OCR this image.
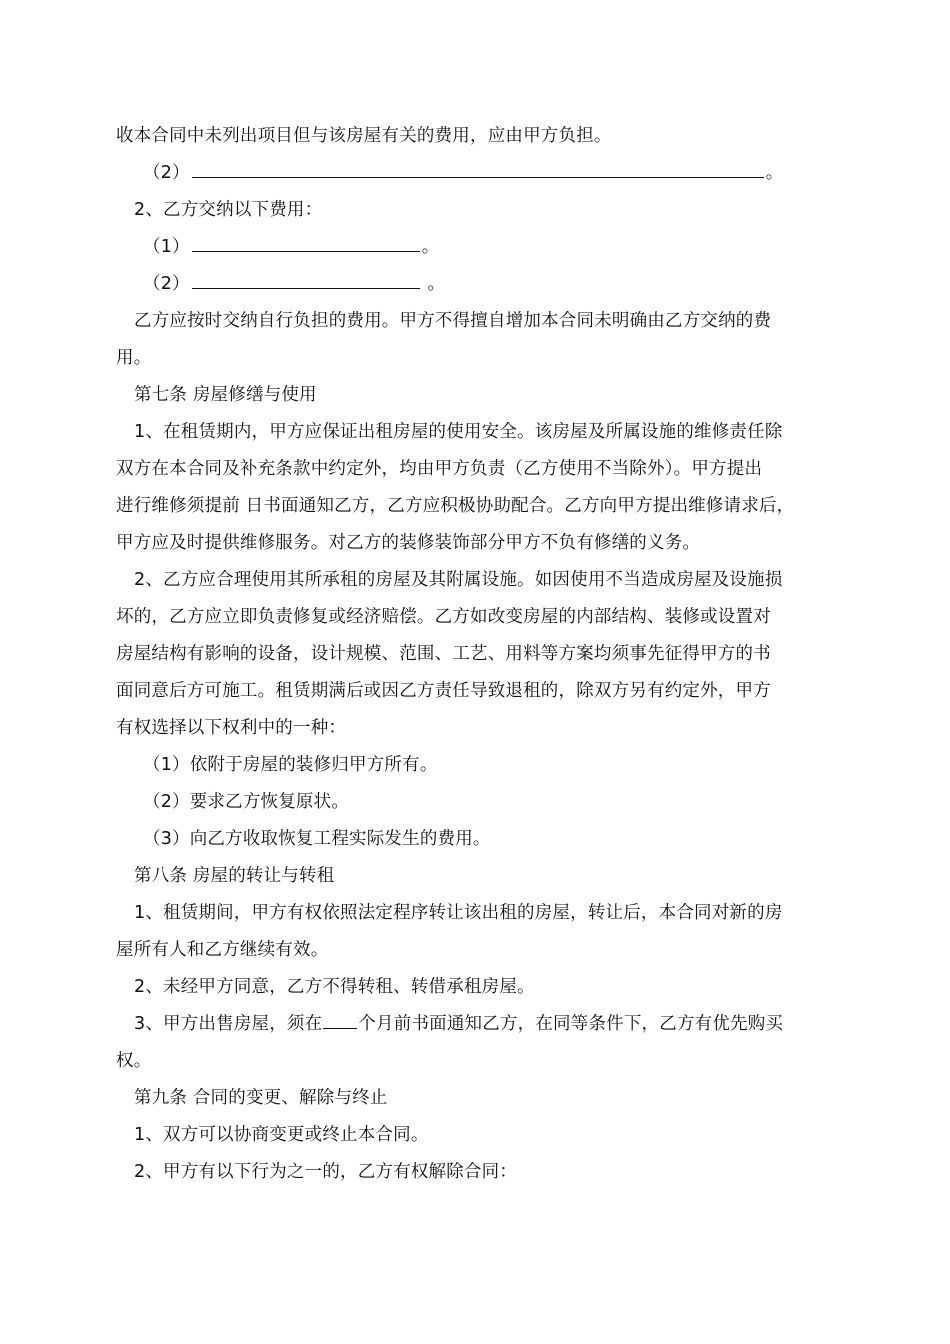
收本合同中未列出项目但与该房屋有关的费用，应由甲方负担。
（2）	。
2、乙方交纳以下费用：
（1）	。
（2）	。
乙方应按时交纳自行负担的费用。甲方不得擅自增加本合同未明确由乙方交纳的费
用。
第七条 房屋修缮与使用
1、在租赁期内，甲方应保证出租房屋的使用安全。该房屋及所属设施的维修责任除
双方在本合同及补充条款中约定外，均由甲方负责（乙方使用不当除外）。甲方提出
进行维修须提前 日书面通知乙方，乙方应积极协助配合。乙方向甲方提出维修请求后，
甲方应及时提供维修服务。对乙方的装修装饰部分甲方不负有修缮的义务。
2、乙方应合理使用其所承租的房屋及其附属设施。如因使用不当造成房屋及设施损
坏的，乙方应立即负责修复或经济赔偿。乙方如改变房屋的内部结构、装修或设置对
房屋结构有影响的设备，设计规模、范围、工艺、用料等方案均须事先征得甲方的书
面同意后方可施工。租赁期满后或因乙方责任导致退租的，除双方另有约定外，甲方
有权选择以下权利中的一种：
（1）依附于房屋的装修归甲方所有。
（2）要求乙方恢复原状。
（3）向乙方收取恢复工程实际发生的费用。
第八条 房屋的转让与转租
1、租赁期间，甲方有权依照法定程序转让该出租的房屋，转让后，本合同对新的房
屋所有人和乙方继续有效。
2、未经甲方同意，乙方不得转租、转借承租房屋。
3、甲方出售房屋，须在 个月前书面通知乙方，在同等条件下，乙方有优先购买
权。
第九条 合同的变更、解除与终止
1、双方可以协商变更或终止本合同。
2、甲方有以下行为之一的，乙方有权解除合同：
